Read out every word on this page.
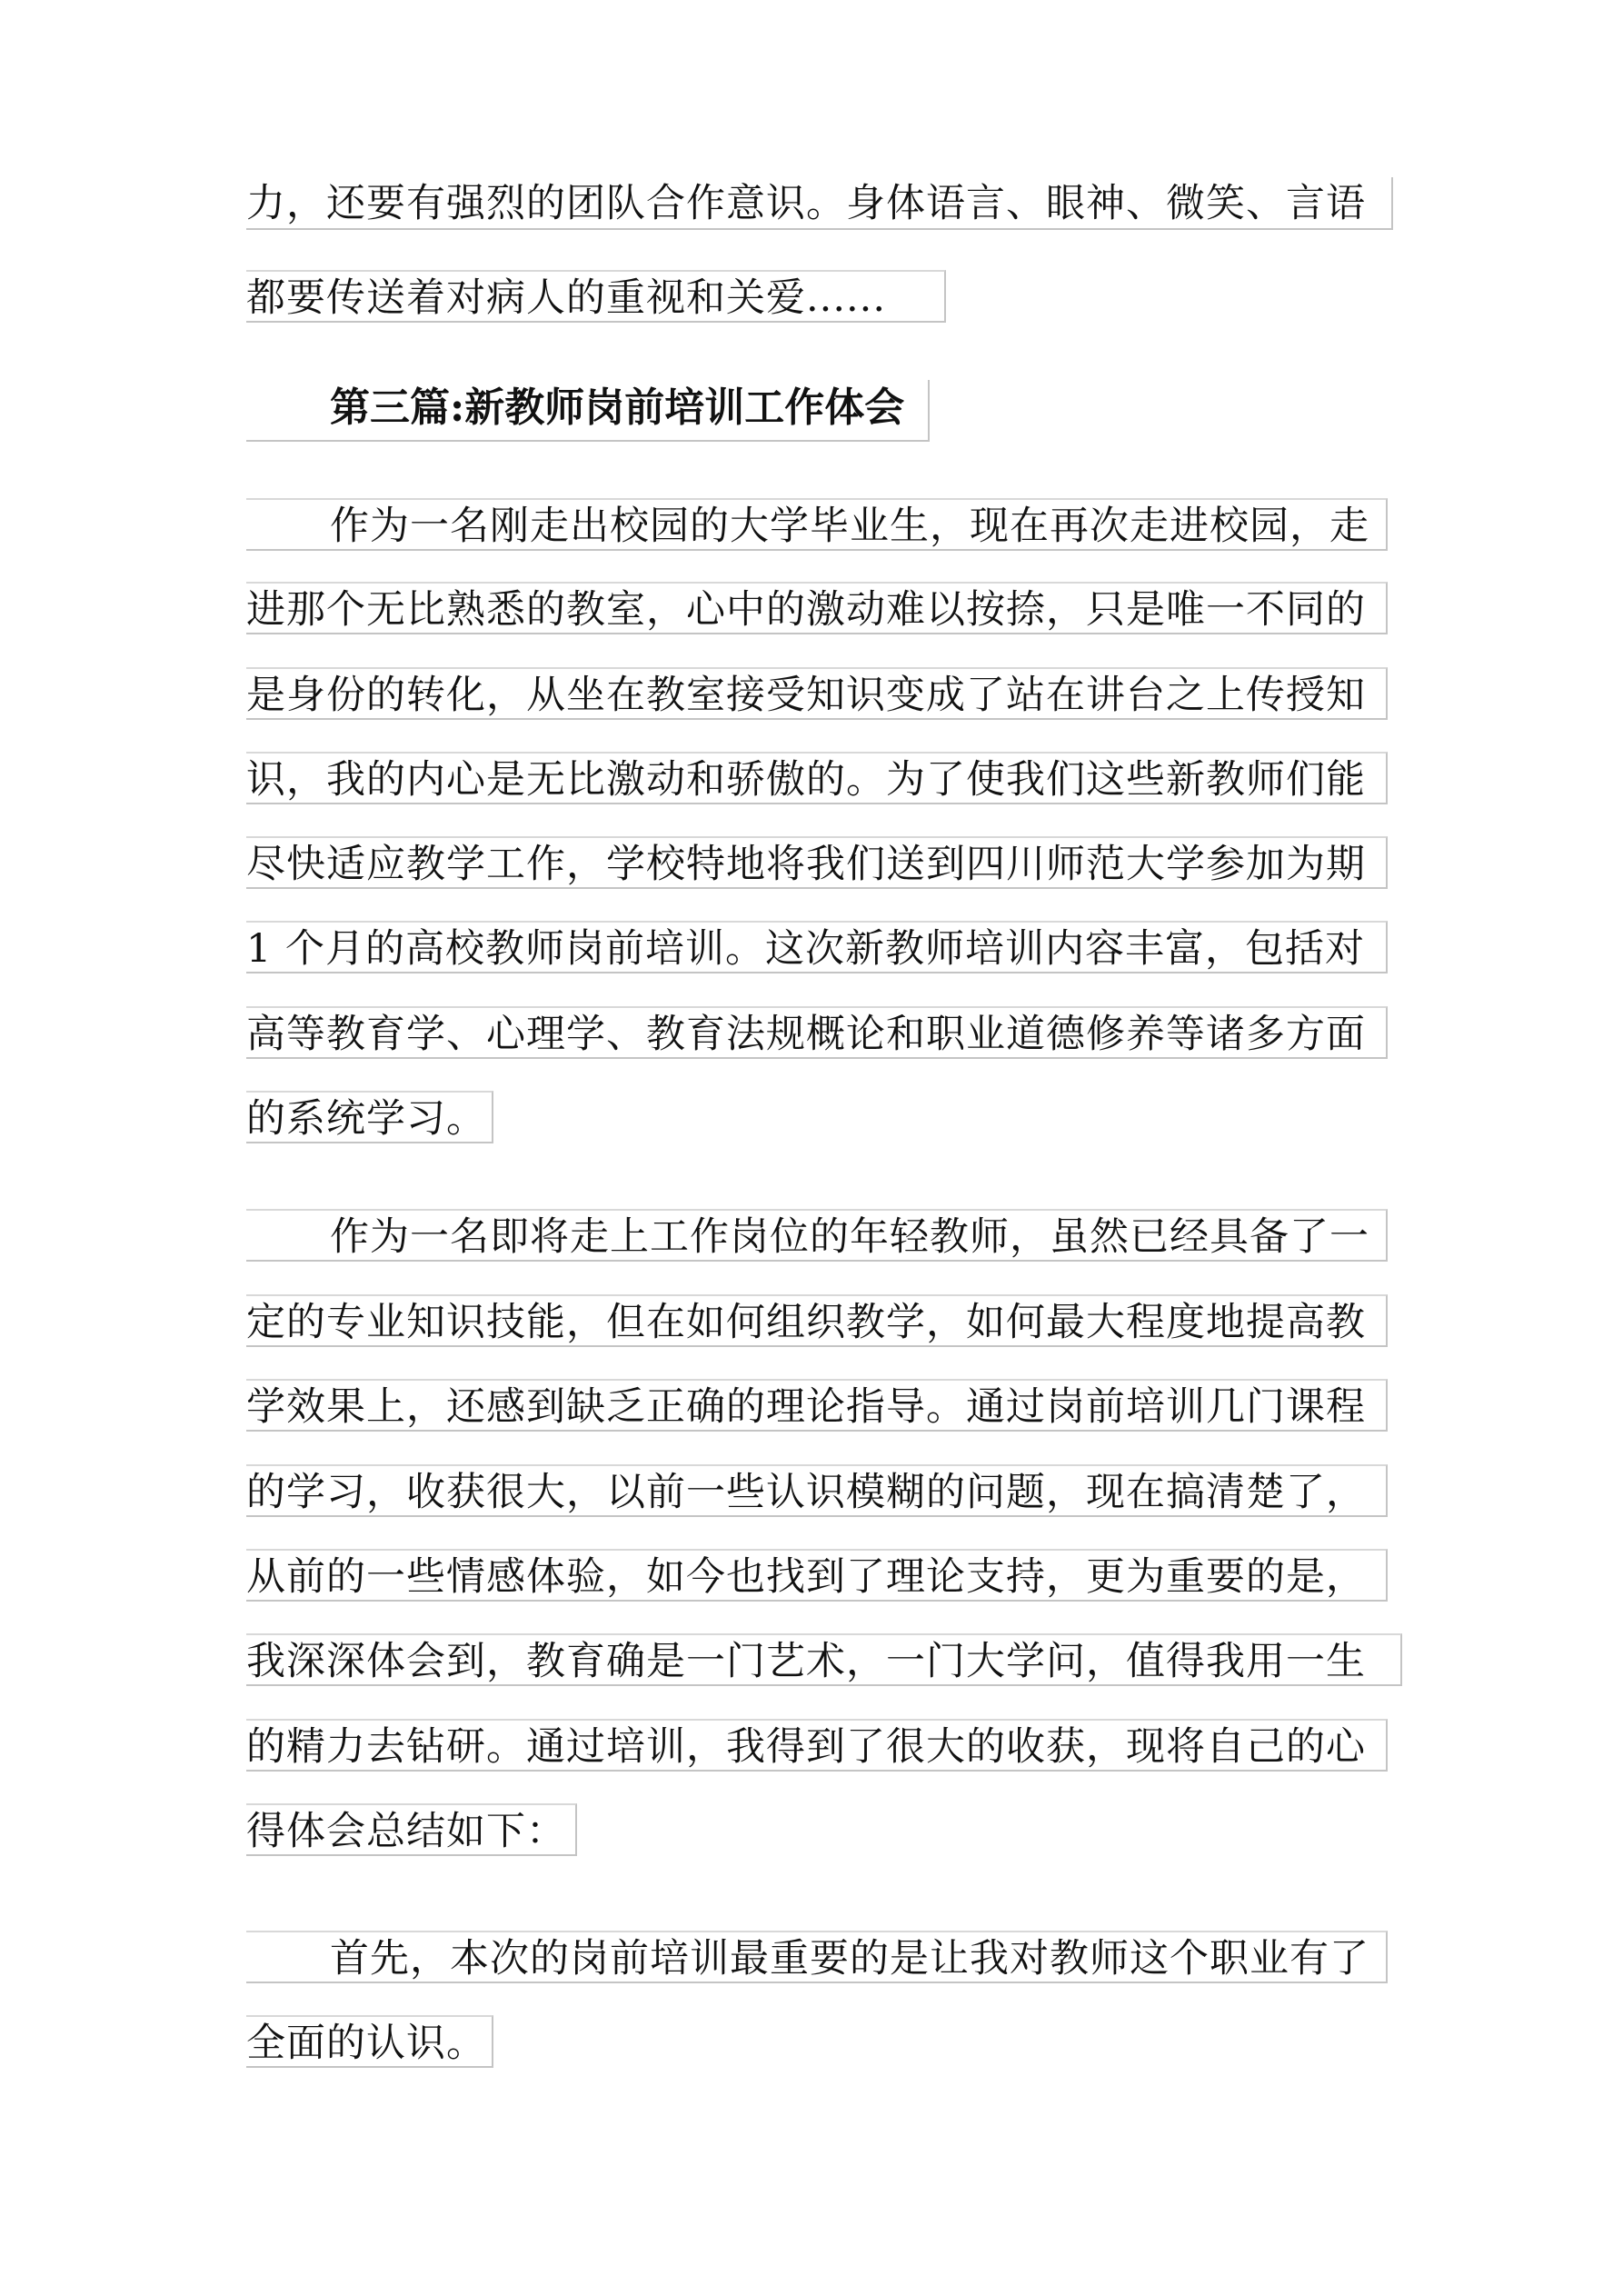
力，还要有强烈的团队合作意识。身体语言、眼神、微笑、言语
都要传送着对病人的重视和关爱......
第三篇:新教师岗前培训工作体会
作为一名刚走出校园的大学毕业生，现在再次走进校园，走
进那个无比熟悉的教室，心中的激动难以按捺，只是唯一不同的
是身份的转化，从坐在教室接受知识变成了站在讲台之上传授知
识，我的内心是无比激动和骄傲的。为了使我们这些新教师们能
尽快适应教学工作，学校特地将我们送到四川师范大学参加为期
1 个月的高校教师岗前培训。这次新教师培训内容丰富，包括对
高等教育学、心理学、教育法规概论和职业道德修养等诸多方面
的系统学习。
作为一名即将走上工作岗位的年轻教师，虽然已经具备了一
定的专业知识技能，但在如何组织教学，如何最大程度地提高教
学效果上，还感到缺乏正确的理论指导。通过岗前培训几门课程
的学习，收获很大，以前一些认识模糊的问题，现在搞清楚了，
从前的一些情感体验，如今也找到了理论支持，更为重要的是，
我深深体会到，教育确是一门艺术，一门大学问，值得我用一生
的精力去钻研。通过培训，我得到了很大的收获，现将自己的心
得体会总结如下：
首先，本次的岗前培训最重要的是让我对教师这个职业有了
全面的认识。
